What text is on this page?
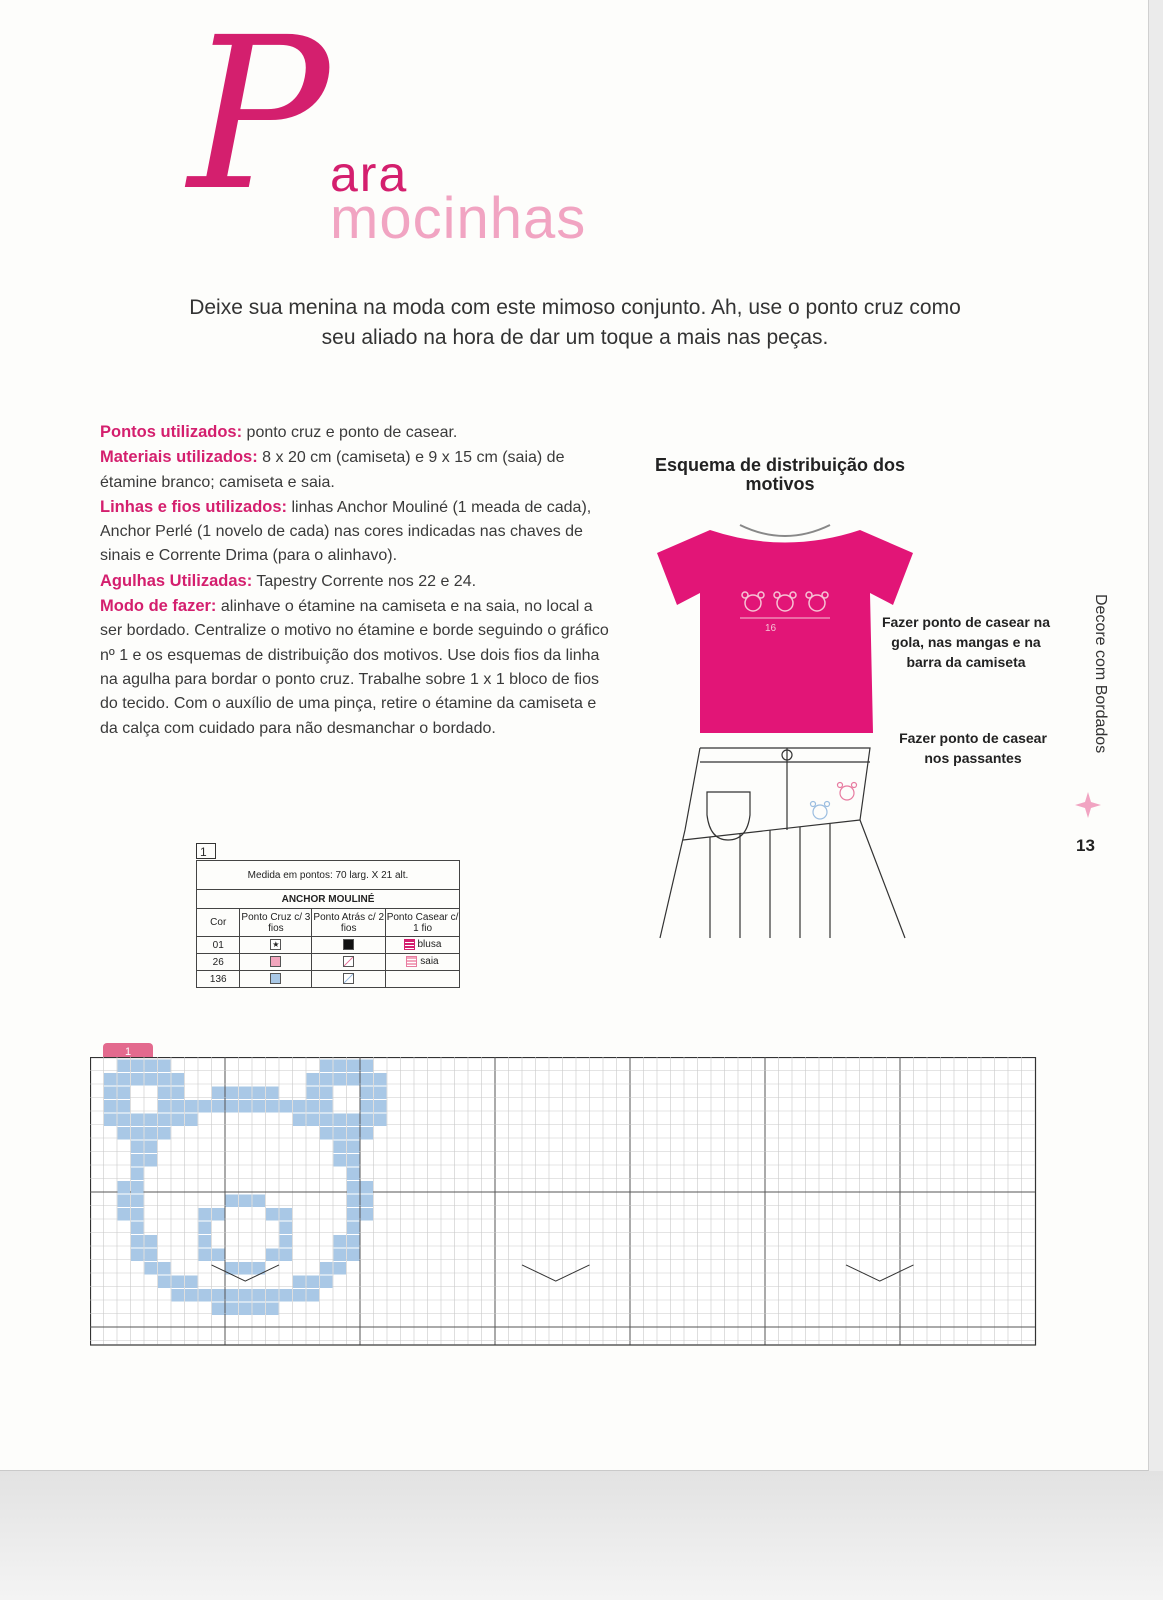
P ara
mocinhas
Deixe sua menina na moda com este mimoso conjunto. Ah, use o ponto cruz como seu aliado na hora de dar um toque a mais nas peças.
Pontos utilizados: ponto cruz e ponto de casear.
Materiais utilizados: 8 x 20 cm (camiseta) e 9 x 15 cm (saia) de étamine branco; camiseta e saia.
Linhas e fios utilizados: linhas Anchor Mouliné (1 meada de cada), Anchor Perlé (1 novelo de cada) nas cores indicadas nas chaves de sinais e Corrente Drima (para o alinhavo).
Agulhas Utilizadas: Tapestry Corrente nos 22 e 24.
Modo de fazer: alinhave o étamine na camiseta e na saia, no local a ser bordado. Centralize o motivo no étamine e borde seguindo o gráfico nº 1 e os esquemas de distribuição dos motivos. Use dois fios da linha na agulha para bordar o ponto cruz. Trabalhe sobre 1 x 1 bloco de fios do tecido. Com o auxílio de uma pinça, retire o étamine da camiseta e da calça com cuidado para não desmanchar o bordado.
Esquema de distribuição dos motivos
16	Fazer ponto de casear na gola, nas mangas e na barra da camiseta
Fazer ponto de casear nos passantes
Decore com Bordados
13
1
Medida em pontos: 70 larg. X 21 alt.			
ANCHOR MOULINÉ			
Cor	Ponto Cruz c/ 3 fios	Ponto Atrás c/ 2 fios	Ponto Casear c/ 1 fio
01	★		blusa
26			saia
136			
1
